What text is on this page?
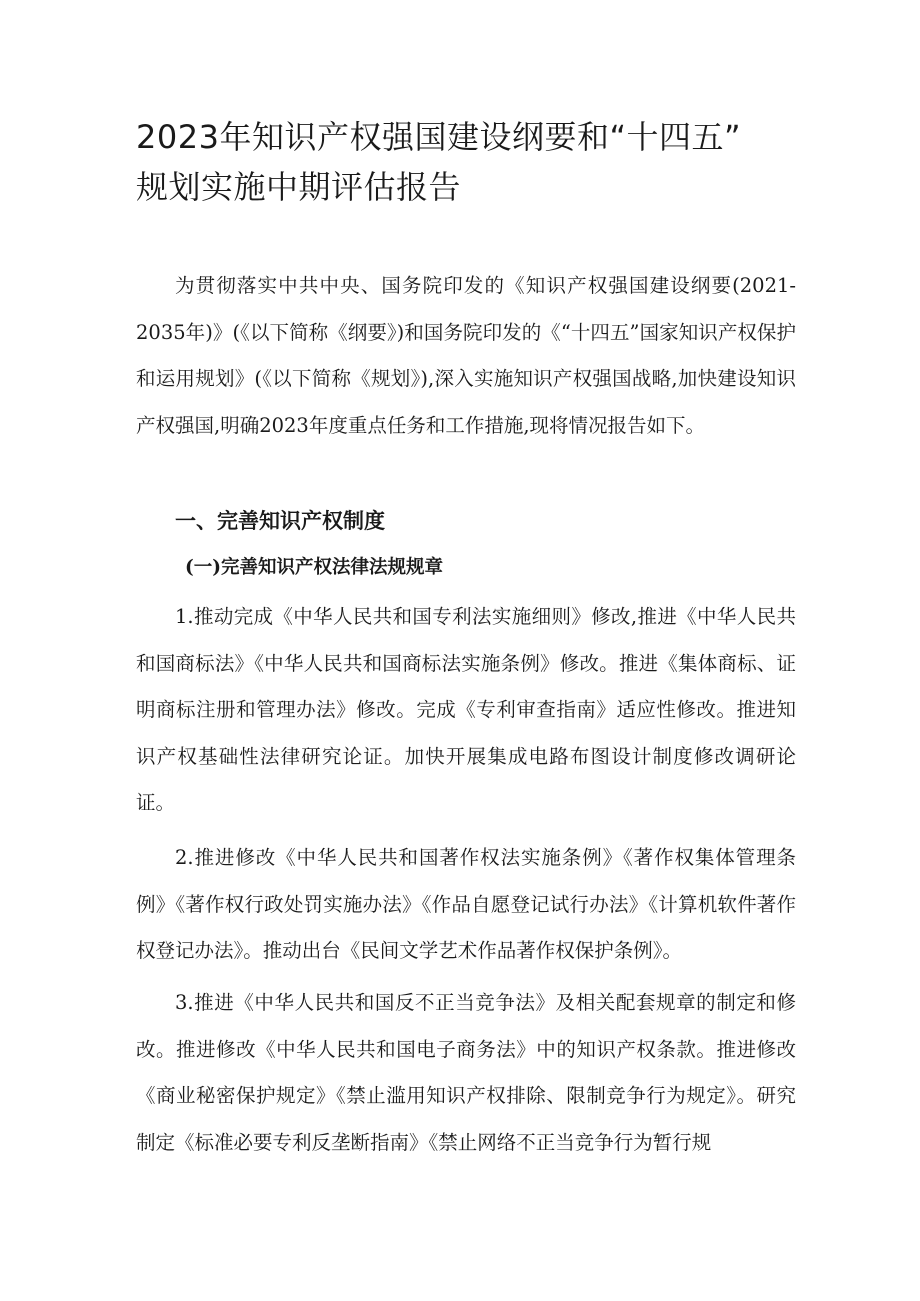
2023年知识产权强国建设纲要和“十四五”
规划实施中期评估报告

为贯彻落实中共中央、国务院印发的《知识产权强国建设纲要(2021-2035年)》(《以下简称《纲要》)和国务院印发的《“十四五”国家知识产权保护和运用规划》(《以下简称《规划》),深入实施知识产权强国战略,加快建设知识产权强国,明确2023年度重点任务和工作措施,现将情况报告如下。

一、完善知识产权制度
(一)完善知识产权法律法规规章

1.推动完成《中华人民共和国专利法实施细则》修改,推进《中华人民共和国商标法》《中华人民共和国商标法实施条例》修改。推进《集体商标、证明商标注册和管理办法》修改。完成《专利审查指南》适应性修改。推进知识产权基础性法律研究论证。加快开展集成电路布图设计制度修改调研论证。

2.推进修改《中华人民共和国著作权法实施条例》《著作权集体管理条例》《著作权行政处罚实施办法》《作品自愿登记试行办法》《计算机软件著作权登记办法》。推动出台《民间文学艺术作品著作权保护条例》。

3.推进《中华人民共和国反不正当竞争法》及相关配套规章的制定和修改。推进修改《中华人民共和国电子商务法》中的知识产权条款。推进修改《商业秘密保护规定》《禁止滥用知识产权排除、限制竞争行为规定》。研究制定《标准必要专利反垄断指南》《禁止网络不正当竞争行为暂行规
